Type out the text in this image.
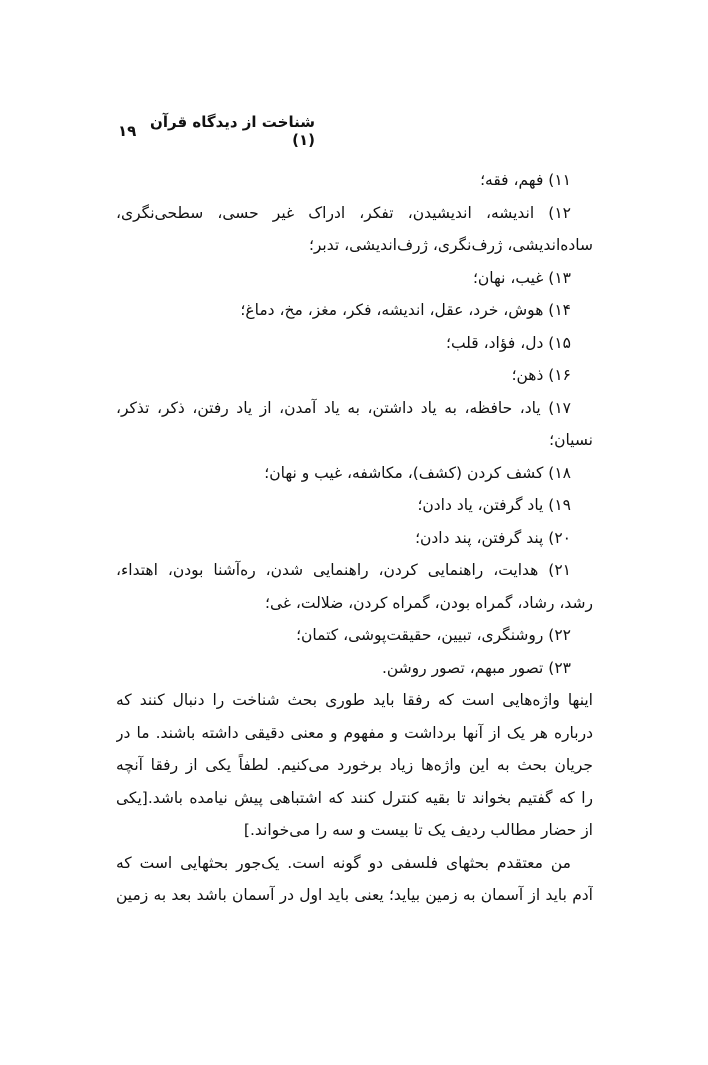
شناخت از دیدگاه قرآن (۱)
۱۹
۱۱) فهم، فقه؛
۱۲) اندیشه، اندیشیدن، تفکر، ادراک غیر حسی، سطحی‌نگری،
ساده‌اندیشی، ژرف‌نگری، ژرف‌اندیشی، تدبر؛
۱۳) غیب، نهان؛
۱۴) هوش، خرد، عقل، اندیشه، فکر، مغز، مخ، دماغ؛
۱۵) دل، فؤاد، قلب؛
۱۶) ذهن؛
۱۷) یاد، حافظه، به یاد داشتن، به یاد آمدن، از یاد رفتن، ذکر، تذکر،
نسیان؛
۱۸) کشف کردن (کشف)، مکاشفه، غیب و نهان؛
۱۹) یاد گرفتن، یاد دادن؛
۲۰) پند گرفتن، پند دادن؛
۲۱) هدایت، راهنمایی کردن، راهنمایی شدن، ره‌آشنا بودن، اهتداء،
رشد، رشاد، گمراه بودن، گمراه کردن، ضلالت، غی؛
۲۲) روشنگری، تبیین، حقیقت‌پوشی، کتمان؛
۲۳) تصور مبهم، تصور روشن.
اینها واژه‌هایی است که رفقا باید طوری بحث شناخت را دنبال کنند که
درباره هر یک از آنها برداشت و مفهوم و معنی دقیقی داشته باشند. ما در
جریان بحث به این واژه‌ها زیاد برخورد می‌کنیم. لطفاً یکی از رفقا آنچه
را که گفتیم بخواند تا بقیه کنترل کنند که اشتباهی پیش نیامده باشد.[یکی
از حضار مطالب ردیف یک تا بیست و سه را می‌خواند.]
من معتقدم بحثهای فلسفی دو گونه است. یک‌جور بحثهایی است که
آدم باید از آسمان به زمین بیاید؛ یعنی باید اول در آسمان باشد بعد به زمین
